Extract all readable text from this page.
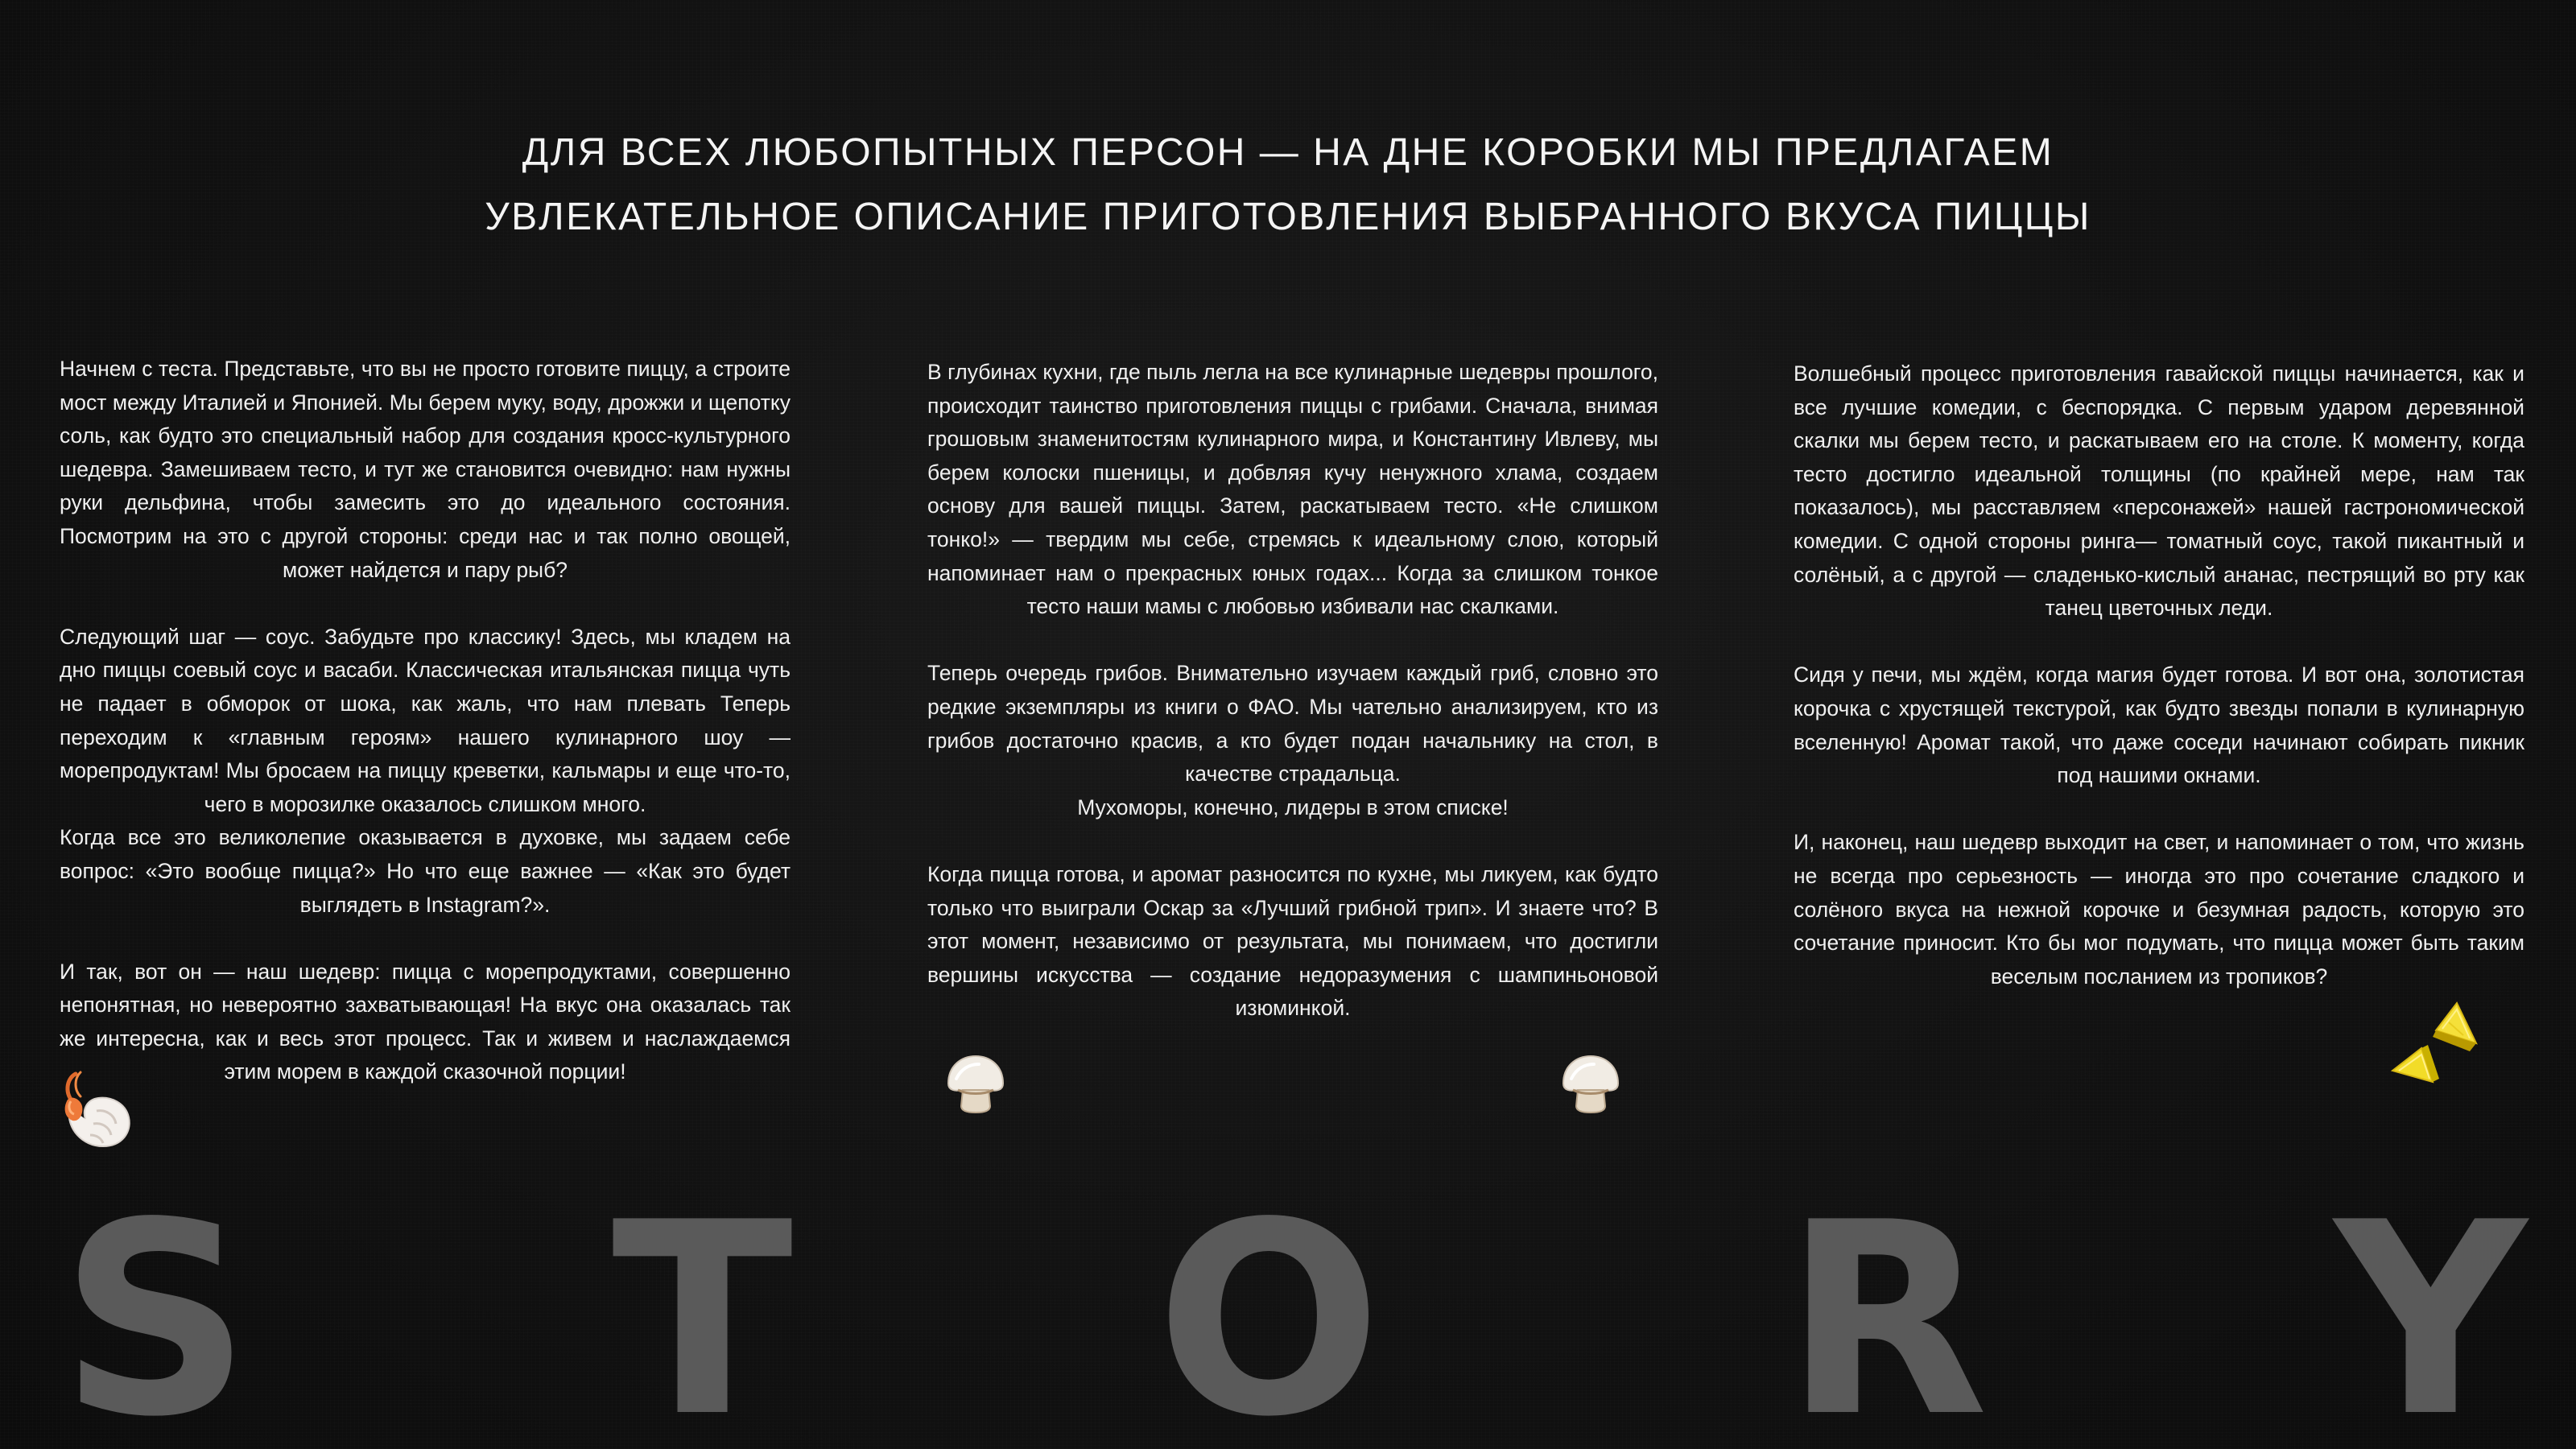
ДЛЯ ВСЕХ ЛЮБОПЫТНЫХ ПЕРСОН — НА ДНЕ КОРОБКИ МЫ ПРЕДЛАГАЕМ
УВЛЕКАТЕЛЬНОЕ ОПИСАНИЕ ПРИГОТОВЛЕНИЯ ВЫБРАННОГО ВКУСА ПИЦЦЫ

Начнем с теста. Представьте, что вы не просто готовите пиццу, а строите мост между Италией и Японией. Мы берем муку, воду, дрожжи и щепотку соль, как будто это специальный набор для создания кросс-культурного шедевра. Замешиваем тесто, и тут же становится очевидно: нам нужны руки дельфина, чтобы замесить это до идеального состояния. Посмотрим на это с другой стороны: среди нас и так полно овощей, может найдется и пару рыб?

Следующий шаг — соус. Забудьте про классику! Здесь, мы кладем на дно пиццы соевый соус и васаби. Классическая итальянская пицца чуть не падает в обморок от шока, как жаль, что нам плевать Теперь переходим к «главным героям» нашего кулинарного шоу — морепродуктам! Мы бросаем на пиццу креветки, кальмары и еще что-то, чего в морозилке оказалось слишком много.

Когда все это великолепие оказывается в духовке, мы задаем себе вопрос: «Это вообще пицца?» Но что еще важнее — «Как это будет выглядеть в Instagram?».

И так, вот он — наш шедевр: пицца с морепродуктами, совершенно непонятная, но невероятно захватывающая! На вкус она оказалась так же интересна, как и весь этот процесс. Так и живем и наслаждаемся этим морем в каждой сказочной порции!

В глубинах кухни, где пыль легла на все кулинарные шедевры прошлого, происходит таинство приготовления пиццы с грибами. Сначала, внимая грошовым знаменитостям кулинарного мира, и Константину Ивлеву, мы берем колоски пшеницы, и добвляя кучу ненужного хлама, создаем основу для вашей пиццы. Затем, раскатываем тесто. «Не слишком тонко!» — твердим мы себе, стремясь к идеальному слою, который напоминает нам о прекрасных юных годах... Когда за слишком тонкое тесто наши мамы с любовью избивали нас скалками.

Теперь очередь грибов. Внимательно изучаем каждый гриб, словно это редкие экземпляры из книги о ФАО. Мы чательно анализируем, кто из грибов достаточно красив, а кто будет подан начальнику на стол, в качестве страдальца.

Мухоморы, конечно, лидеры в этом списке!

Когда пицца готова, и аромат разносится по кухне, мы ликуем, как будто только что выиграли Оскар за «Лучший грибной трип». И знаете что? В этот момент, независимо от результата, мы понимаем, что достигли вершины искусства — создание недоразумения с шампиньоновой изюминкой.

Волшебный процесс приготовления гавайской пиццы начинается, как и все лучшие комедии, с беспорядка. С первым ударом деревянной скалки мы берем тесто, и раскатываем его на столе. К моменту, когда тесто достигло идеальной толщины (по крайней мере, нам так показалось), мы расставляем «персонажей» нашей гастрономической комедии. С одной стороны ринга— томатный соус, такой пикантный и солёный, а с другой — сладенько-кислый ананас, пестрящий во рту как танец цветочных леди.

Сидя у печи, мы ждём, когда магия будет готова. И вот она, золотистая корочка с хрустящей текстурой, как будто звезды попали в кулинарную вселенную! Аромат такой, что даже соседи начинают собирать пикник под нашими окнами.

И, наконец, наш шедевр выходит на свет, и напоминает о том, что жизнь не всегда про серьезность — иногда это про сочетание сладкого и солёного вкуса на нежной корочке и безумная радость, которую это сочетание приносит. Кто бы мог подумать, что пицца может быть таким веселым посланием из тропиков?

S T O R Y
